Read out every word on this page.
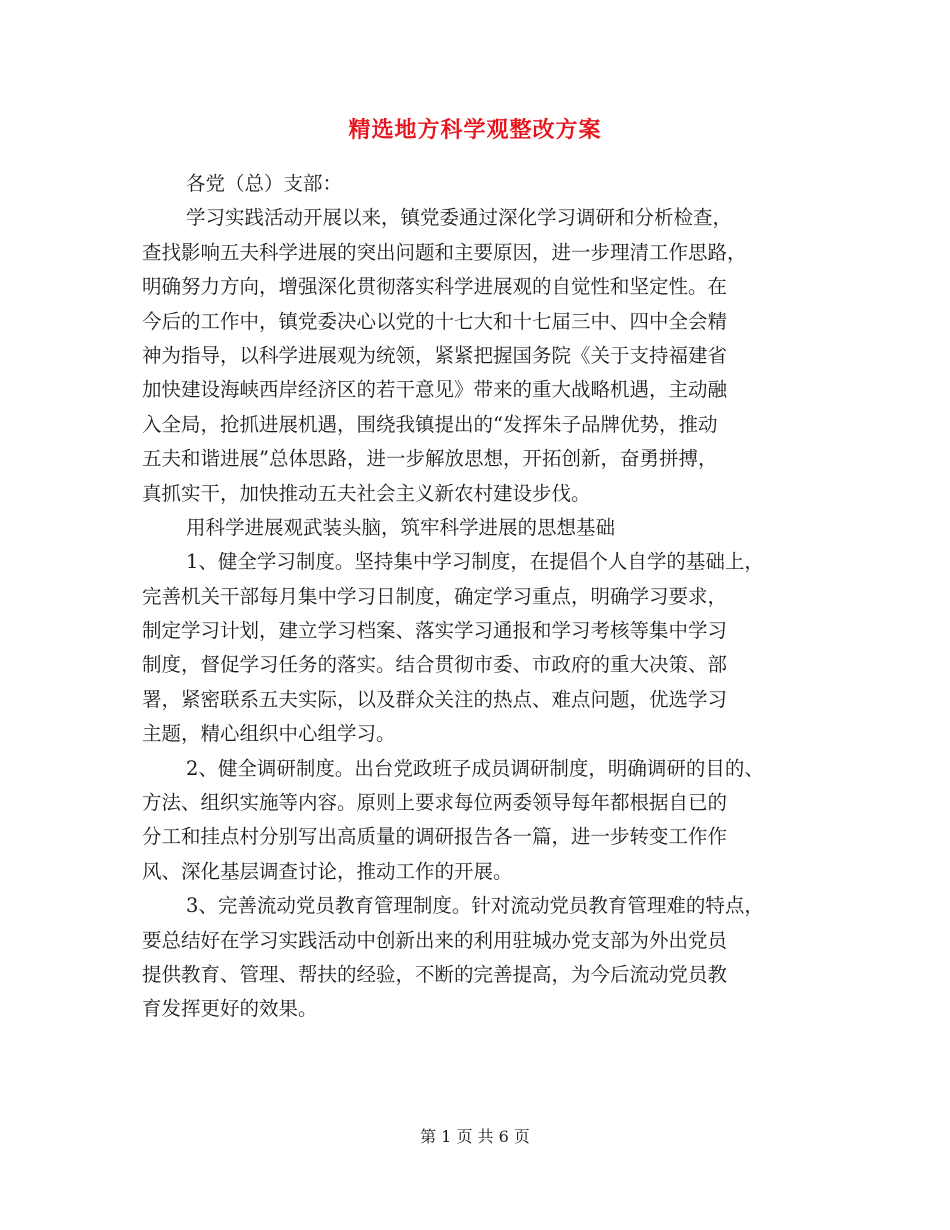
精选地方科学观整改方案
各党（总）支部：
学习实践活动开展以来，镇党委通过深化学习调研和分析检查，
查找影响五夫科学进展的突出问题和主要原因，进一步理清工作思路，
明确努力方向，增强深化贯彻落实科学进展观的自觉性和坚定性。在
今后的工作中，镇党委决心以党的十七大和十七届三中、四中全会精
神为指导，以科学进展观为统领，紧紧把握国务院《关于支持福建省
加快建设海峡西岸经济区的若干意见》带来的重大战略机遇，主动融
入全局，抢抓进展机遇，围绕我镇提出的“发挥朱子品牌优势，推动
五夫和谐进展”总体思路，进一步解放思想，开拓创新，奋勇拼搏，
真抓实干，加快推动五夫社会主义新农村建设步伐。
用科学进展观武装头脑，筑牢科学进展的思想基础
1、健全学习制度。坚持集中学习制度，在提倡个人自学的基础上，
完善机关干部每月集中学习日制度，确定学习重点，明确学习要求，
制定学习计划，建立学习档案、落实学习通报和学习考核等集中学习
制度，督促学习任务的落实。结合贯彻市委、市政府的重大决策、部
署，紧密联系五夫实际，以及群众关注的热点、难点问题，优选学习
主题，精心组织中心组学习。
2、健全调研制度。出台党政班子成员调研制度，明确调研的目的、
方法、组织实施等内容。原则上要求每位两委领导每年都根据自已的
分工和挂点村分别写出高质量的调研报告各一篇，进一步转变工作作
风、深化基层调查讨论，推动工作的开展。
3、完善流动党员教育管理制度。针对流动党员教育管理难的特点，
要总结好在学习实践活动中创新出来的利用驻城办党支部为外出党员
提供教育、管理、帮扶的经验，不断的完善提高，为今后流动党员教
育发挥更好的效果。
第 1 页 共 6 页
